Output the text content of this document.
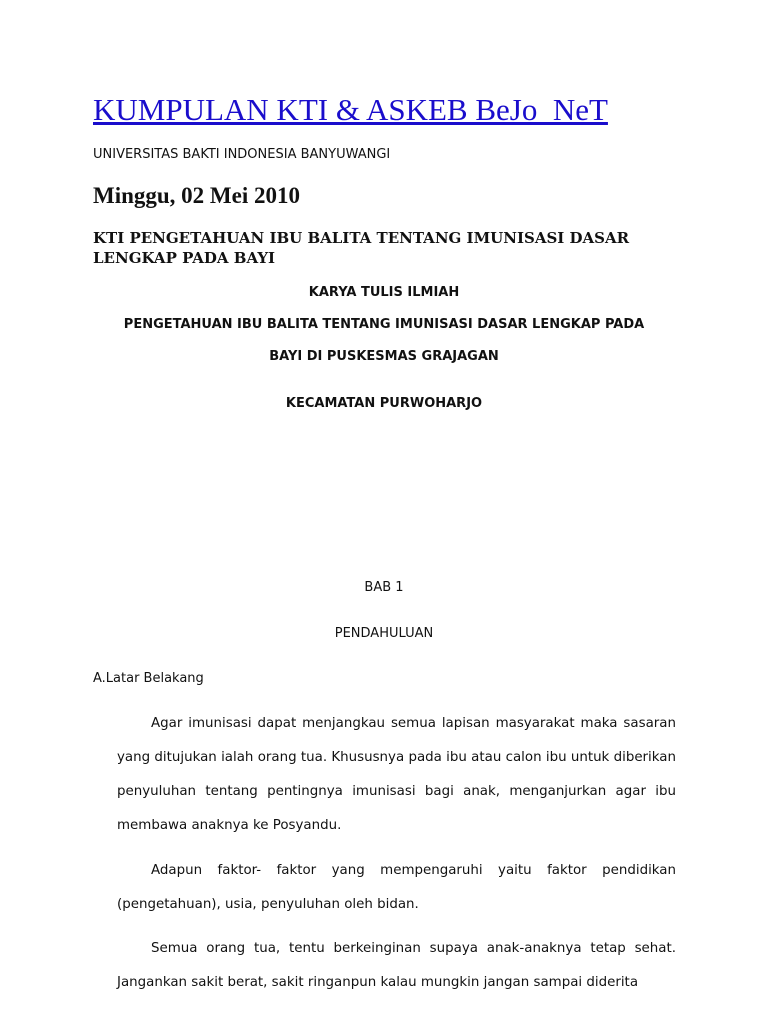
KUMPULAN KTI & ASKEB BeJo_NeT
UNIVERSITAS BAKTI INDONESIA BANYUWANGI
Minggu, 02 Mei 2010
KTI PENGETAHUAN IBU BALITA TENTANG IMUNISASI DASAR LENGKAP PADA BAYI
KARYA TULIS ILMIAH
PENGETAHUAN IBU BALITA TENTANG IMUNISASI DASAR LENGKAP PADA
BAYI DI PUSKESMAS GRAJAGAN
KECAMATAN PURWOHARJO
BAB 1
PENDAHULUAN
A.Latar Belakang

Agar imunisasi dapat menjangkau semua lapisan masyarakat maka sasaran yang ditujukan ialah orang tua. Khususnya pada ibu atau calon ibu untuk diberikan penyuluhan tentang pentingnya imunisasi bagi anak, menganjurkan agar ibu membawa anaknya ke Posyandu.

Adapun faktor- faktor yang mempengaruhi yaitu faktor pendidikan (pengetahuan), usia, penyuluhan oleh bidan.

Semua orang tua, tentu berkeinginan supaya anak-anaknya tetap sehat. Jangankan sakit berat, sakit ringanpun kalau mungkin jangan sampai diderita
